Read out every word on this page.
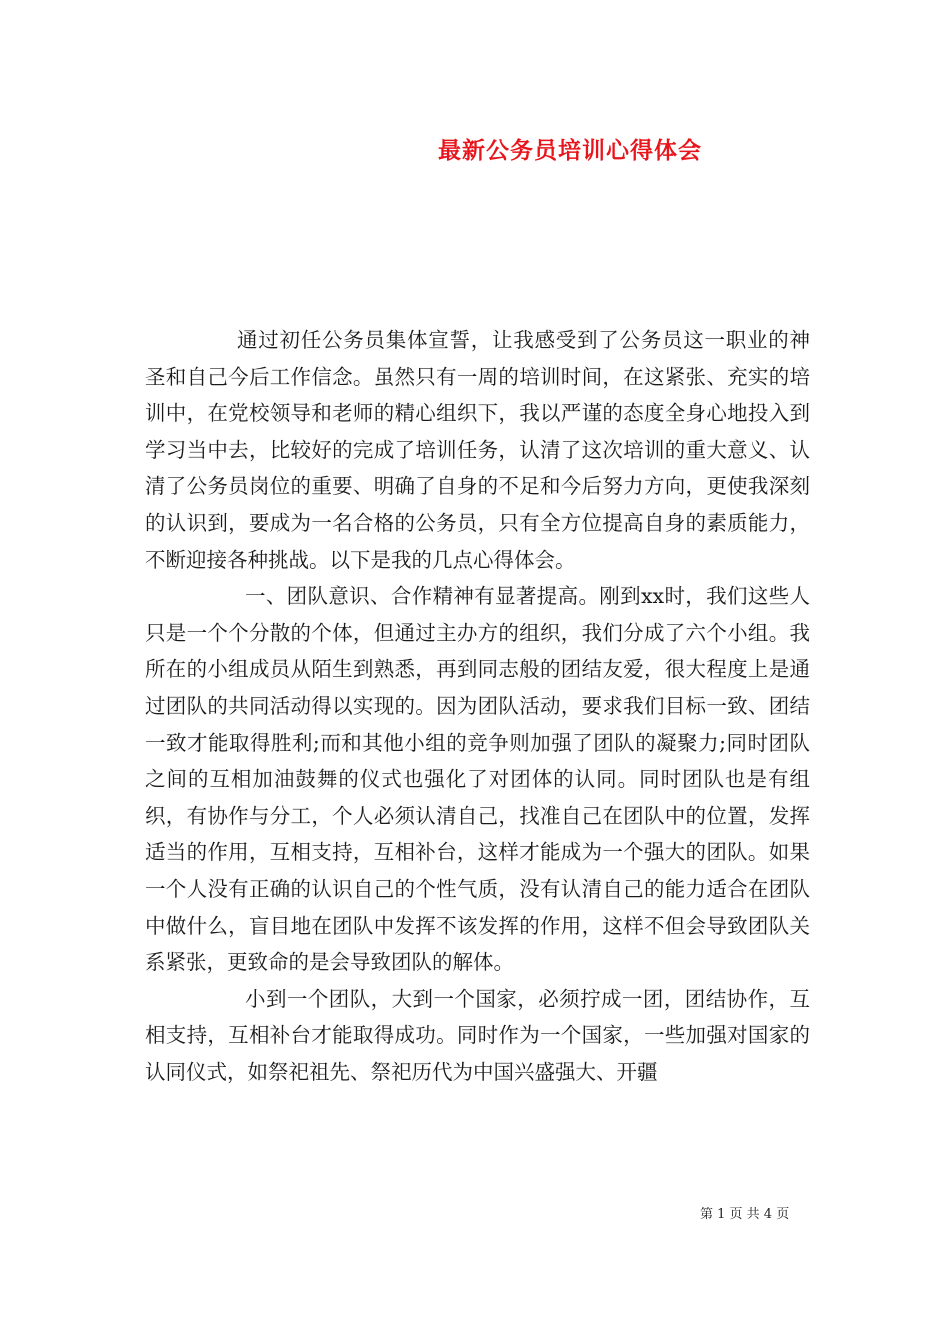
最新公务员培训心得体会

通过初任公务员集体宣誓，让我感受到了公务员这一职业的神圣和自己今后工作信念。虽然只有一周的培训时间，在这紧张、充实的培训中，在党校领导和老师的精心组织下，我以严谨的态度全身心地投入到学习当中去，比较好的完成了培训任务，认清了这次培训的重大意义、认清了公务员岗位的重要、明确了自身的不足和今后努力方向，更使我深刻的认识到，要成为一名合格的公务员，只有全方位提高自身的素质能力，不断迎接各种挑战。以下是我的几点心得体会。

一、团队意识、合作精神有显著提高。刚到xx时，我们这些人只是一个个分散的个体，但通过主办方的组织，我们分成了六个小组。我所在的小组成员从陌生到熟悉，再到同志般的团结友爱，很大程度上是通过团队的共同活动得以实现的。因为团队活动，要求我们目标一致、团结一致才能取得胜利;而和其他小组的竞争则加强了团队的凝聚力;同时团队之间的互相加油鼓舞的仪式也强化了对团体的认同。同时团队也是有组织，有协作与分工，个人必须认清自己，找准自己在团队中的位置，发挥适当的作用，互相支持，互相补台，这样才能成为一个强大的团队。如果一个人没有正确的认识自己的个性气质，没有认清自己的能力适合在团队中做什么，盲目地在团队中发挥不该发挥的作用，这样不但会导致团队关系紧张，更致命的是会导致团队的解体。

小到一个团队，大到一个国家，必须拧成一团，团结协作，互相支持，互相补台才能取得成功。同时作为一个国家，一些加强对国家的认同仪式，如祭祀祖先、祭祀历代为中国兴盛强大、开疆

第 1 页 共 4 页
